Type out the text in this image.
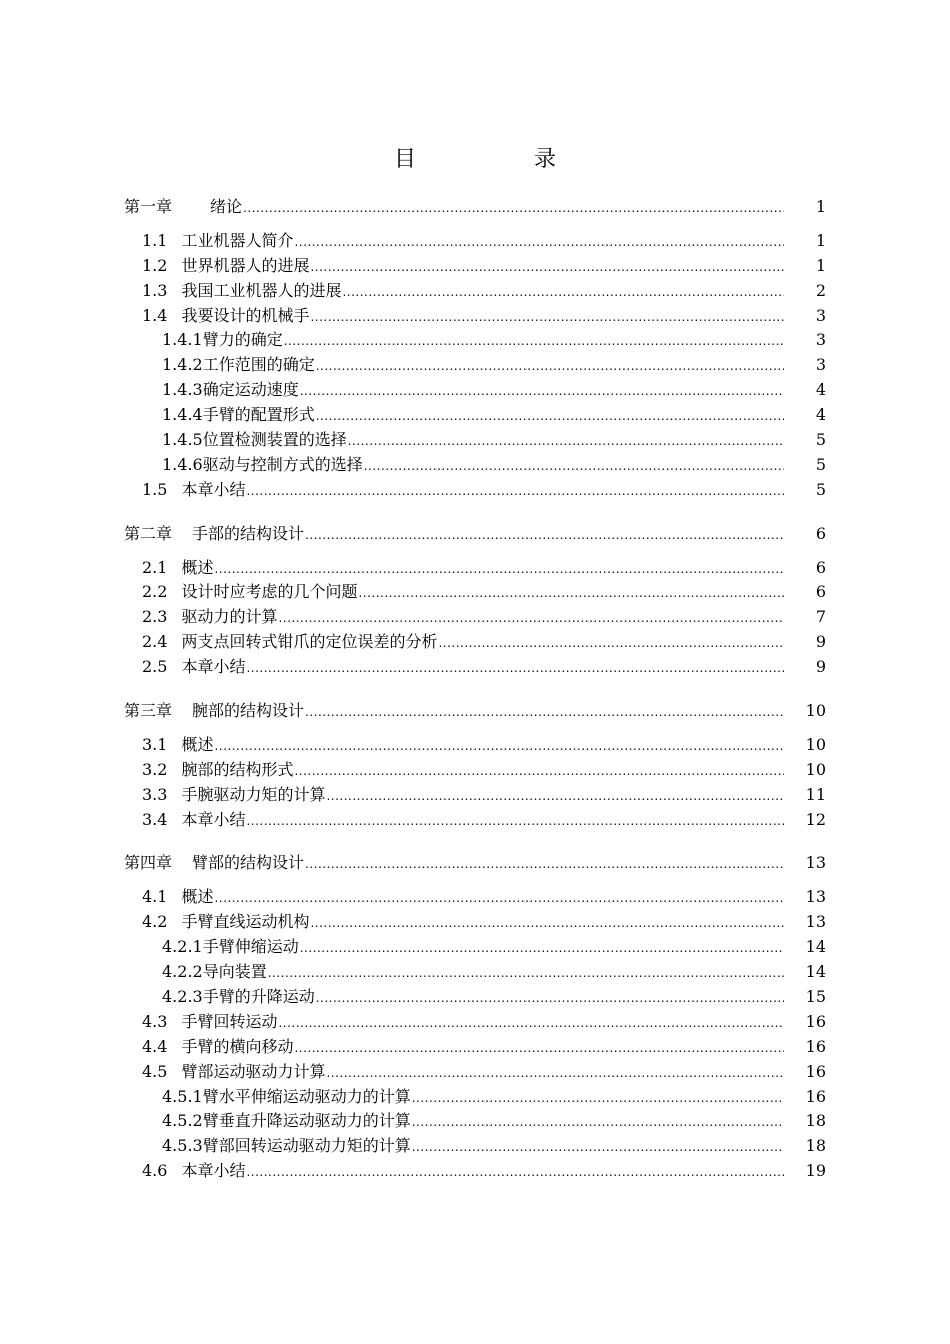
目　录
第一章 绪论 .....	1
1.1 工业机器人简介 .....	1
1.2 世界机器人的进展 .....	1
1.3 我国工业机器人的进展 .....	2
1.4 我要设计的机械手 .....	3
1.4.1 臂力的确定 .....	3
1.4.2 工作范围的确定 .....	3
1.4.3 确定运动速度 .....	4
1.4.4 手臂的配置形式 .....	4
1.4.5 位置检测装置的选择 .....	5
1.4.6 驱动与控制方式的选择 .....	5
1.5 本章小结 .....	5
第二章 手部的结构设计 .....	6
2.1 概述 .....	6
2.2 设计时应考虑的几个问题 .....	6
2.3 驱动力的计算 .....	7
2.4 两支点回转式钳爪的定位误差的分析 .....	9
2.5 本章小结 .....	9
第三章 腕部的结构设计 .....	10
3.1 概述 .....	10
3.2 腕部的结构形式 .....	10
3.3 手腕驱动力矩的计算 .....	11
3.4 本章小结 .....	12
第四章 臂部的结构设计 .....	13
4.1 概述 .....	13
4.2 手臂直线运动机构 .....	13
4.2.1 手臂伸缩运动 .....	14
4.2.2 导向装置 .....	14
4.2.3 手臂的升降运动 .....	15
4.3 手臂回转运动 .....	16
4.4 手臂的横向移动 .....	16
4.5 臂部运动驱动力计算 .....	16
4.5.1 臂水平伸缩运动驱动力的计算 .....	16
4.5.2 臂垂直升降运动驱动力的计算 .....	18
4.5.3 臂部回转运动驱动力矩的计算 .....	18
4.6 本章小结 .....	19
